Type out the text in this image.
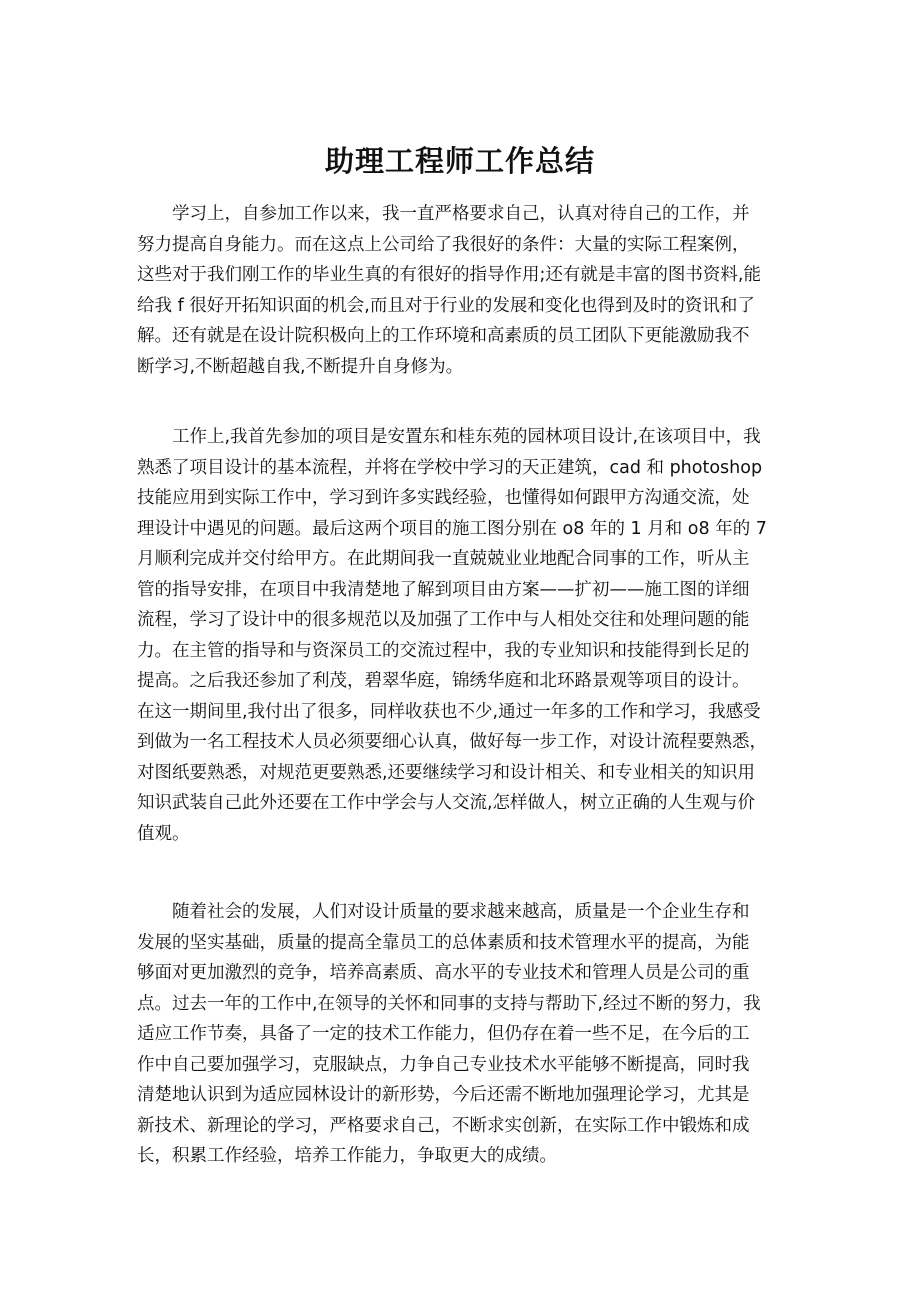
助理工程师工作总结
　　学习上，自参加工作以来，我一直严格要求自己，认真对待自己的工作，并
努力提高自身能力。而在这点上公司给了我很好的条件：大量的实际工程案例，
这些对于我们刚工作的毕业生真的有很好的指导作用;还有就是丰富的图书资料,能
给我 f 很好开拓知识面的机会,而且对于行业的发展和变化也得到及时的资讯和了
解。还有就是在设计院积极向上的工作环境和高素质的员工团队下更能激励我不
断学习,不断超越自我,不断提升自身修为。
　　工作上,我首先参加的项目是安置东和桂东苑的园林项目设计,在该项目中，我
熟悉了项目设计的基本流程，并将在学校中学习的天正建筑，cad 和 photoshop
技能应用到实际工作中，学习到许多实践经验，也懂得如何跟甲方沟通交流，处
理设计中遇见的问题。最后这两个项目的施工图分别在 o8 年的 1 月和 o8 年的 7
月顺利完成并交付给甲方。在此期间我一直兢兢业业地配合同事的工作，听从主
管的指导安排，在项目中我清楚地了解到项目由方案——扩初——施工图的详细
流程，学习了设计中的很多规范以及加强了工作中与人相处交往和处理问题的能
力。在主管的指导和与资深员工的交流过程中，我的专业知识和技能得到长足的
提高。之后我还参加了利茂，碧翠华庭，锦绣华庭和北环路景观等项目的设计。
在这一期间里,我付出了很多，同样收获也不少,通过一年多的工作和学习，我感受
到做为一名工程技术人员必须要细心认真，做好每一步工作，对设计流程要熟悉，
对图纸要熟悉，对规范更要熟悉,还要继续学习和设计相关、和专业相关的知识用
知识武装自己此外还要在工作中学会与人交流,怎样做人，树立正确的人生观与价
值观。
　　随着社会的发展，人们对设计质量的要求越来越高，质量是一个企业生存和
发展的坚实基础，质量的提高全靠员工的总体素质和技术管理水平的提高，为能
够面对更加激烈的竞争，培养高素质、高水平的专业技术和管理人员是公司的重
点。过去一年的工作中,在领导的关怀和同事的支持与帮助下,经过不断的努力，我
适应工作节奏，具备了一定的技术工作能力，但仍存在着一些不足，在今后的工
作中自己要加强学习，克服缺点，力争自己专业技术水平能够不断提高，同时我
清楚地认识到为适应园林设计的新形势，今后还需不断地加强理论学习，尤其是
新技术、新理论的学习，严格要求自己，不断求实创新，在实际工作中锻炼和成
长，积累工作经验，培养工作能力，争取更大的成绩。
